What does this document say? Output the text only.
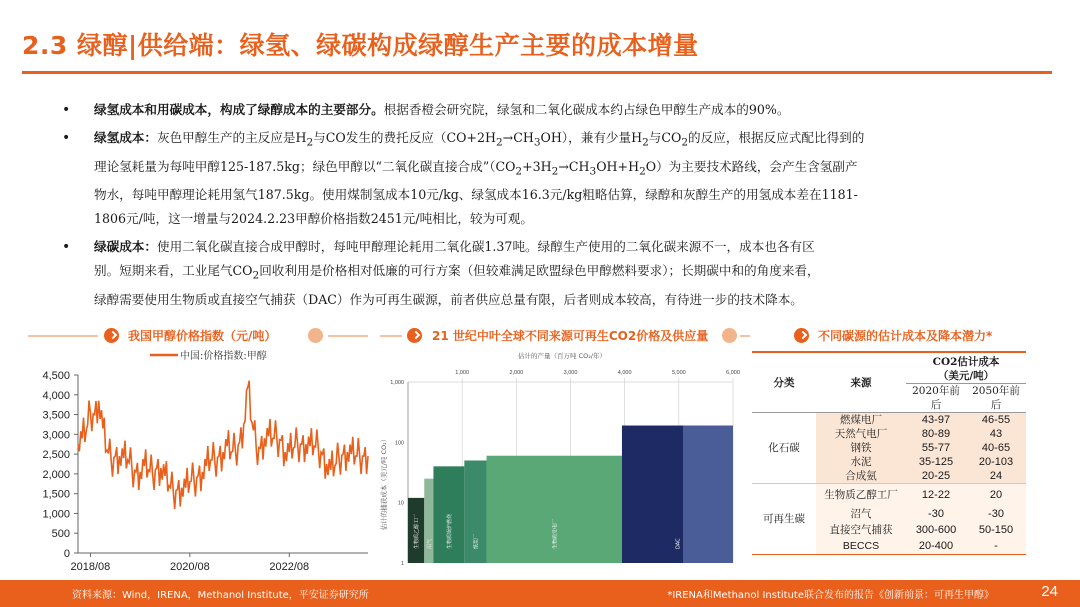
2.3 绿醇|供给端：绿氢、绿碳构成绿醇生产主要的成本增量
• 绿氢成本和用碳成本，构成了绿醇成本的主要部分。根据香橙会研究院，绿氢和二氧化碳成本约占绿色甲醇生产成本的90%。
• 绿氢成本：灰色甲醇生产的主反应是$H_2$与CO发生的费托反应$(CO+2H_2\to CH_3OH)$，兼有少量$H_2$与$CO_2$的反应，根据反应式配比得到的
理论氢耗量为每吨甲醇125-187.5kg；绿色甲醇以“二氧化碳直接合成$”(CO_2+3H_2\to CH_3OH+H_2O)$为主要技术路线，会产生含氢副产
物水，每吨甲醇理论耗用氢气187.5kg。使用煤制氢成本10元/kg、绿氢成本16.3元/kg粗略估算，绿醇和灰醇生产的用氢成本差在1181-
1806元/吨，这一增量与2024.2.23甲醇价格指数2451元/吨相比，较为可观。
• 绿碳成本：使用二氧化碳直接合成甲醇时，每吨甲醇理论耗用二氧化碳1.37吨。绿醇生产使用的二氧化碳来源不一，成本也各有区
别。短期来看，工业尾气$CO_2$回收利用是价格相对低廉的可行方案（但较难满足欧盟绿色甲醇燃料要求）；长期碳中和的角度来看，
绿醇需要使用生物质或直接空气捕获（DAC）作为可再生碳源，前者供应总量有限，后者则成本较高，有待进一步的技术降本。
我国甲醇价格指数（元/吨）	21 世纪中叶全球不同来源可再生CO2价格及供应量	不同碳源的估计成本及降本潜力*
中国:价格指数:甲醇
0
500
1,000
1,500
2,000
2,500
3,000
3,500
4,000
4,500
2018/08	2020/08	2022/08
估计的产量（百万吨 CO₂/年）
估计的捕获成本（美元/吨 CO₂）
生物质乙醇工厂 沼气	生物质锅炉燃烧	纸浆厂	生物质发电厂	DAC
1
10
100
1,000
1,000	2,000	3,000	4,000	5,000	6,000
分类	来源	CO2估计成本
（美元/吨）	
		2020年前	2050年前
		后	后
化石碳	燃煤电厂	43-97	46-55
	天然气电厂	80-89	43
	钢铁	55-77	40-65
	水泥	35-125	20-103
	合成氨	20-25	24
可再生碳	生物质乙醇工厂	12-22	20
	沼气	-30	-30
	直接空气捕获	300-600	50-150
	BECCS	20-400	-
资料来源：Wind，IRENA，Methanol Institute，平安证券研究所	*IRENA和Methanol Institute联合发布的报告《创新前景：可再生甲醇》	24
